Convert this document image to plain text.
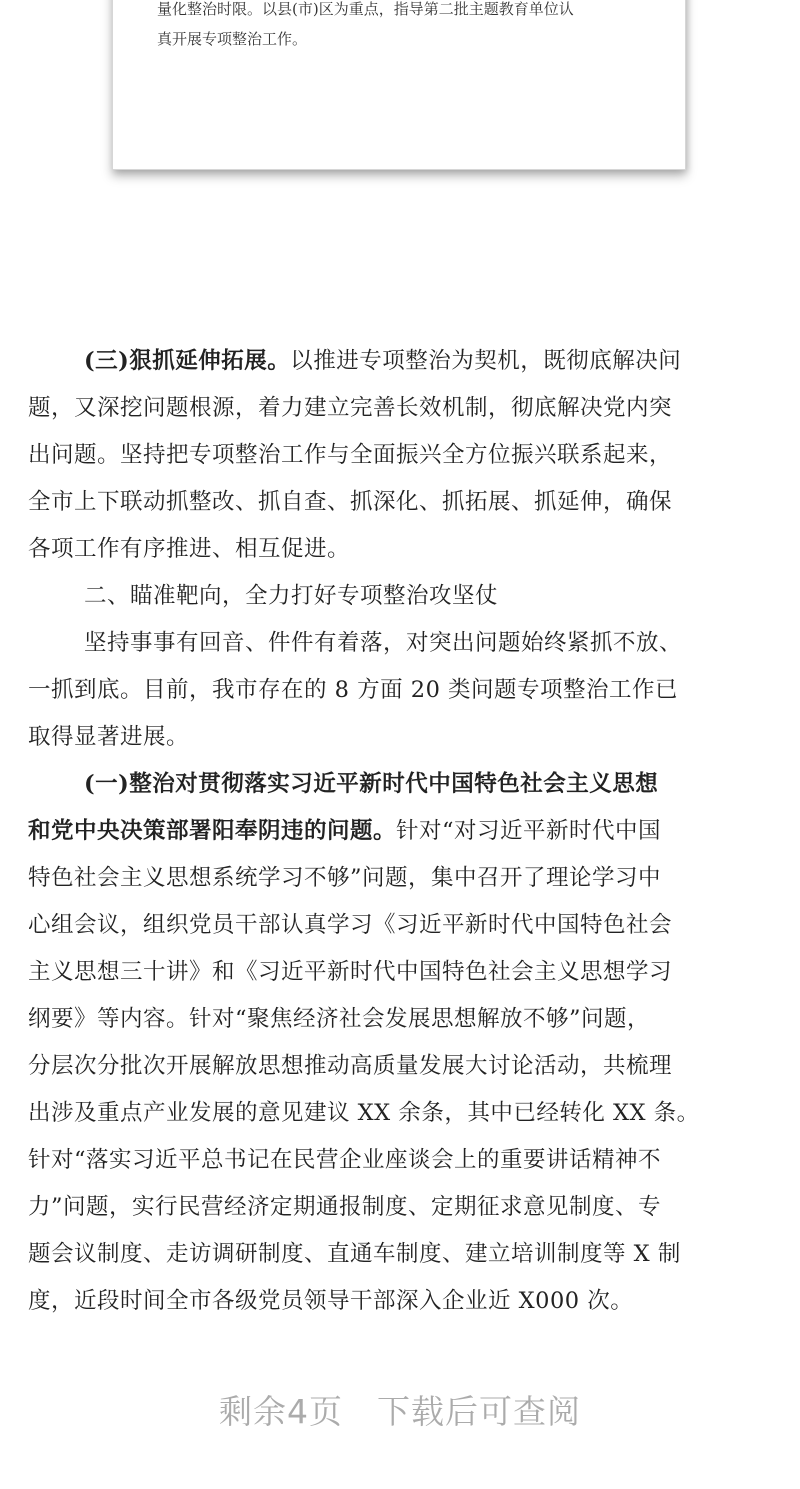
量化整治时限。以县(市)区为重点，指导第二批主题教育单位认

真开展专项整治工作。

(三)狠抓延伸拓展。以推进专项整治为契机，既彻底解决问

题，又深挖问题根源，着力建立完善长效机制，彻底解决党内突

出问题。坚持把专项整治工作与全面振兴全方位振兴联系起来，

全市上下联动抓整改、抓自查、抓深化、抓拓展、抓延伸，确保

各项工作有序推进、相互促进。

二、瞄准靶向，全力打好专项整治攻坚仗

坚持事事有回音、件件有着落，对突出问题始终紧抓不放、

一抓到底。目前，我市存在的 8 方面 20 类问题专项整治工作已

取得显著进展。

(一)整治对贯彻落实习近平新时代中国特色社会主义思想

和党中央决策部署阳奉阴违的问题。针对“对习近平新时代中国

特色社会主义思想系统学习不够”问题，集中召开了理论学习中

心组会议，组织党员干部认真学习《习近平新时代中国特色社会

主义思想三十讲》和《习近平新时代中国特色社会主义思想学习

纲要》等内容。针对“聚焦经济社会发展思想解放不够”问题，

分层次分批次开展解放思想推动高质量发展大讨论活动，共梳理

出涉及重点产业发展的意见建议 XX 余条，其中已经转化 XX 条。

针对“落实习近平总书记在民营企业座谈会上的重要讲话精神不

力”问题，实行民营经济定期通报制度、定期征求意见制度、专

题会议制度、走访调研制度、直通车制度、建立培训制度等 X 制

度，近段时间全市各级党员领导干部深入企业近 X000 次。

剩余4页 下载后可查阅
